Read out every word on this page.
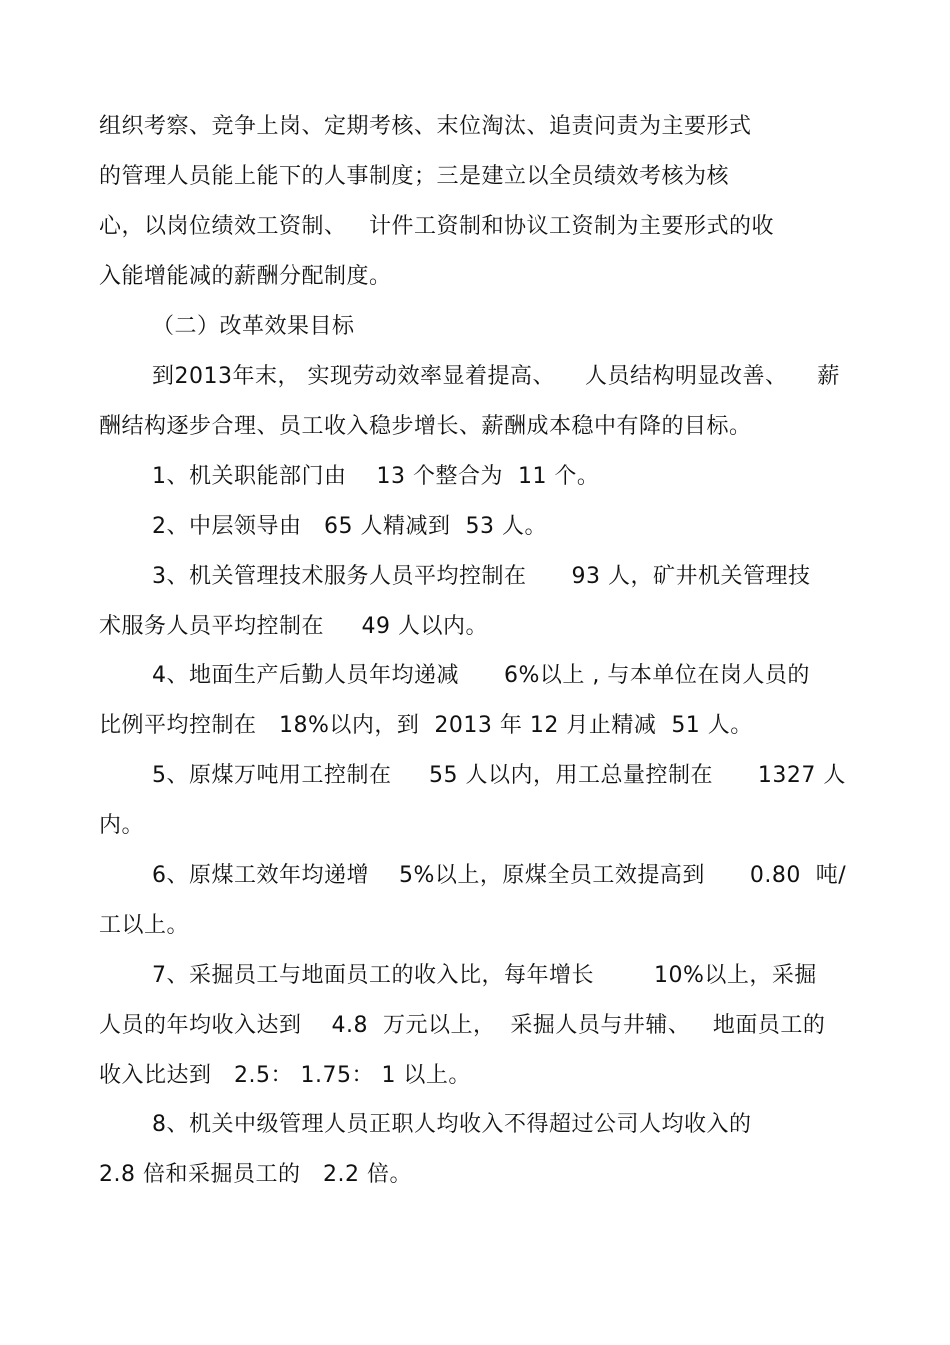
组织考察、竞争上岗、定期考核、末位淘汰、追责问责为主要形式
的管理人员能上能下的人事制度；三是建立以全员绩效考核为核
心，以岗位绩效工资制、   计件工资制和协议工资制为主要形式的收
入能增能减的薪酬分配制度。
（二）改革效果目标
到2013年末， 实现劳动效率显着提高、    人员结构明显改善、    薪
酬结构逐步合理、员工收入稳步增长、薪酬成本稳中有降的目标。
1、机关职能部门由    13 个整合为  11 个。
2、中层领导由   65 人精减到  53 人。
3、机关管理技术服务人员平均控制在      93 人，矿井机关管理技
术服务人员平均控制在     49 人以内。
4、地面生产后勤人员年均递减      6%以上 , 与本单位在岗人员的
比例平均控制在   18%以内，到  2013 年 12 月止精减  51 人。
5、原煤万吨用工控制在     55 人以内，用工总量控制在      1327 人
内。
6、原煤工效年均递增    5%以上，原煤全员工效提高到      0.80  吨/
工以上。
7、采掘员工与地面员工的收入比，每年增长        10%以上，采掘
人员的年均收入达到    4.8  万元以上，  采掘人员与井辅、   地面员工的
收入比达到   2.5： 1.75： 1 以上。
8、机关中级管理人员正职人均收入不得超过公司人均收入的
2.8 倍和采掘员工的   2.2 倍。
